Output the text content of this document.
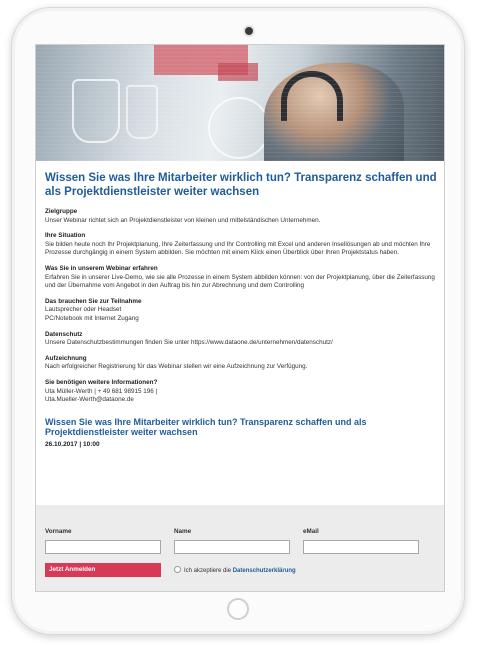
Wissen Sie was Ihre Mitarbeiter wirklich tun? Transparenz schaffen und als Projektdienstleister weiter wachsen
Zielgruppe
Unser Webinar richtet sich an Projektdienstleister von kleinen und mittelständischen Unternehmen.
Ihre Situation
Sie bilden heute noch Ihr Projektplanung, Ihre Zeiterfassung und Ihr Controlling mit Excel und anderen Insellösungen ab und möchten Ihre Prozesse durchgängig in einem System abbilden. Sie möchten mit einem Klick einen Überblick über Ihren Projektstatus haben.
Was Sie in unserem Webinar erfahren
Erfahren Sie in unserer Live-Demo, wie sie alle Prozesse in einem System abbilden können: von der Projektplanung, über die Zeiterfassung und der Übernahme vom Angebot in den Auftrag bis hin zur Abrechnung und dem Controlling
Das brauchen Sie zur Teilnahme
Lautsprecher oder Headset
PC/Notebook mit Internet Zugang
Datenschutz
Unsere Datenschutzbestimmungen finden Sie unter https://www.dataone.de/unternehmen/datenschutz/
Aufzeichnung
Nach erfolgreicher Registrierung für das Webinar stellen wir eine Aufzeichnung zur Verfügung.
Sie benötigen weitere Informationen?
Uta Müller-Werth | + 49 681 98915 196 |
Uta.Mueller-Werth@dataone.de
Wissen Sie was Ihre Mitarbeiter wirklich tun? Transparenz schaffen und als Projektdienstleister weiter wachsen
26.10.2017 | 10:00
Vorname	Name	eMail
Jetzt Anmelden	Ich akzeptiere die Datenschutzerklärung
